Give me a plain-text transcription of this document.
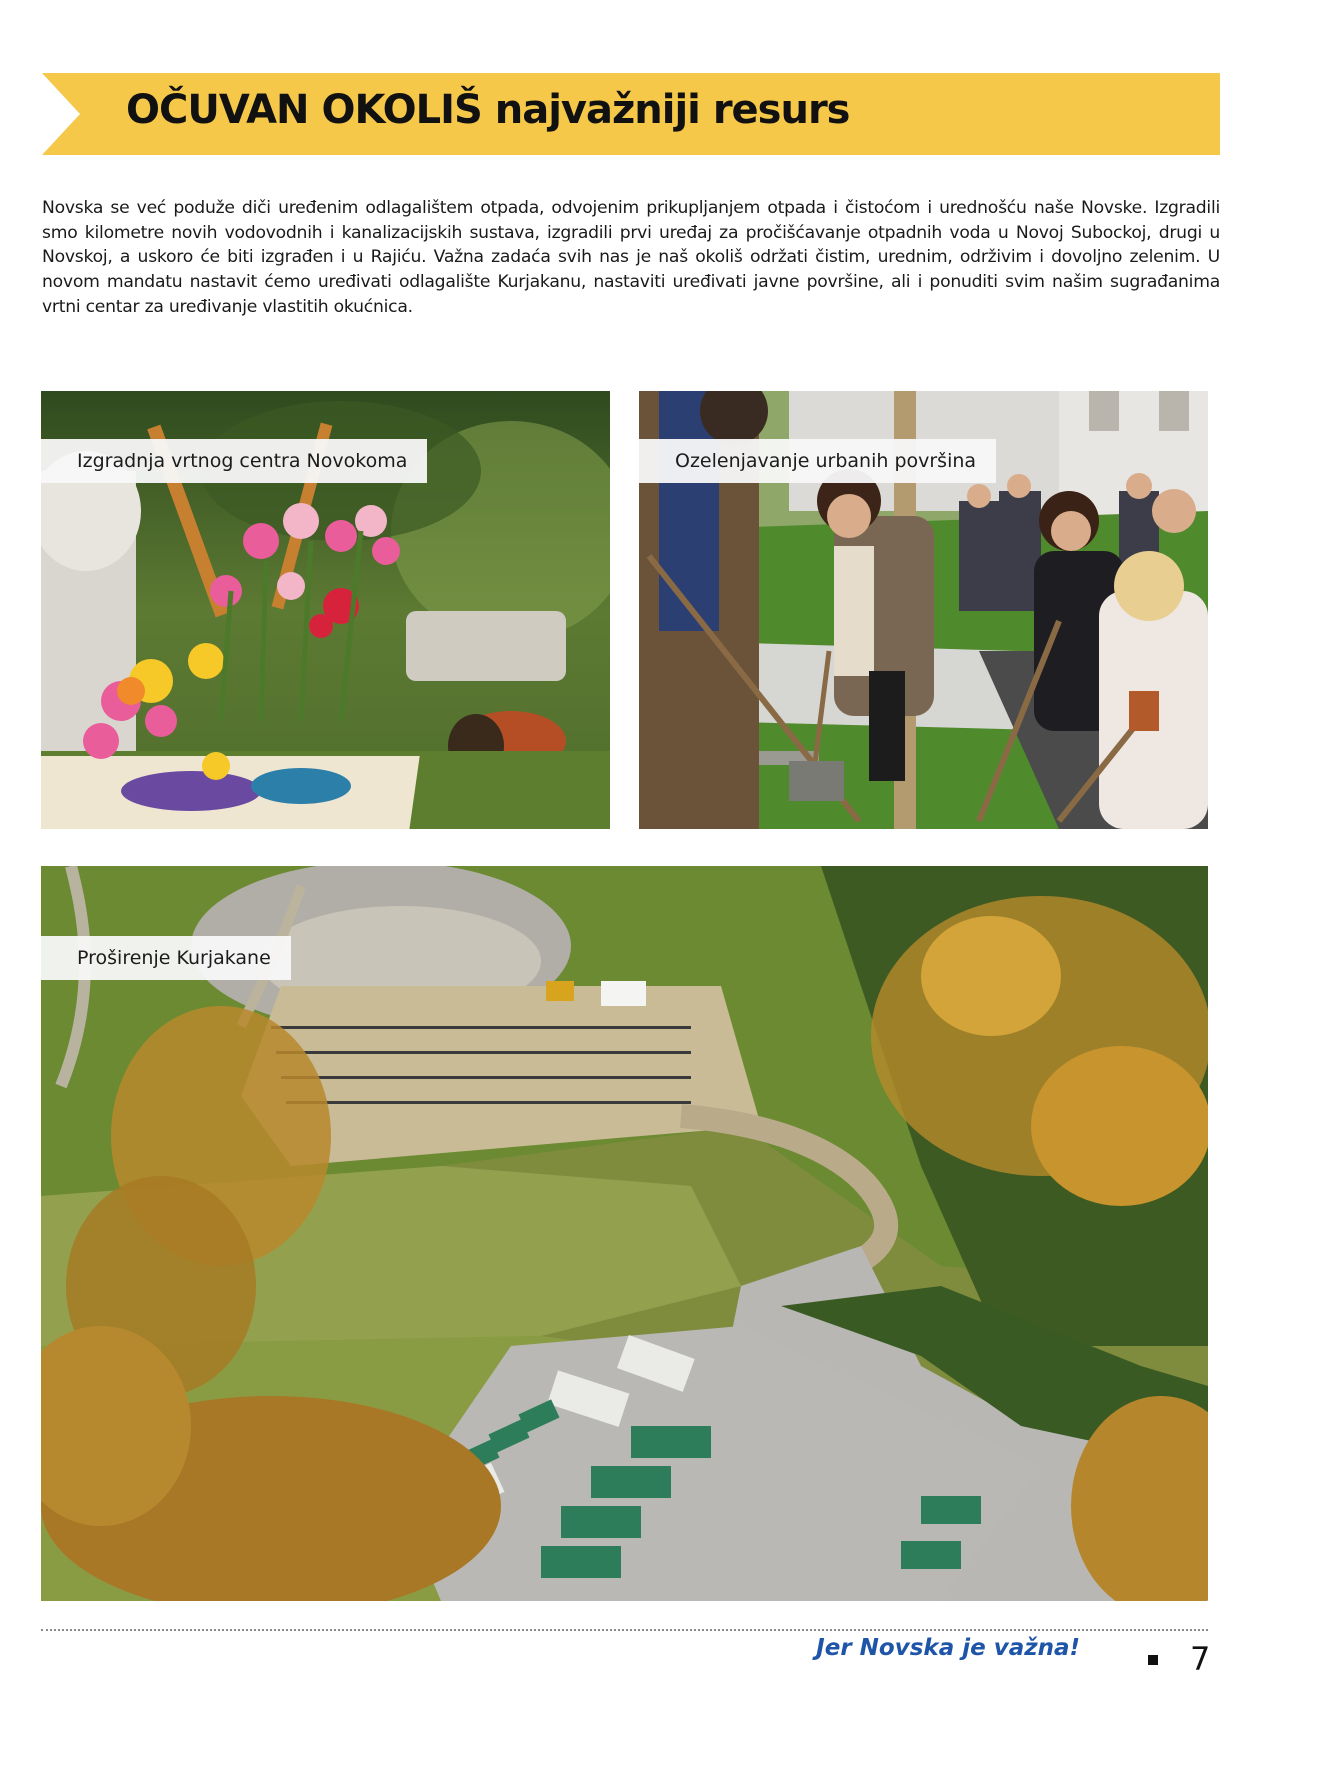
OČUVAN OKOLIŠ najvažniji resurs

Novska se već poduže diči uređenim odlagalištem otpada, odvojenim prikupljanjem otpada i čistoćom i urednošću naše Novske. Izgradili smo kilometre novih vodovodnih i kanalizacijskih sustava, izgradili prvi uređaj za pročišćavanje otpadnih voda u Novoj Subockoj, drugi u Novskoj, a uskoro će biti izgrađen i u Rajiću. Važna zadaća svih nas je naš okoliš održati čistim, urednim, održivim i dovoljno zelenim. U novom mandatu nastavit ćemo uređivati odlagalište Kurjakanu, nastaviti uređivati javne površine, ali i ponuditi svim našim sugrađanima vrtni centar za uređivanje vlastitih okućnica.

Izgradnja vrtnog centra Novokoma	Ozelenjavanje urbanih površina
Proširenje Kurjakane
Jer Novska je važna!	7
